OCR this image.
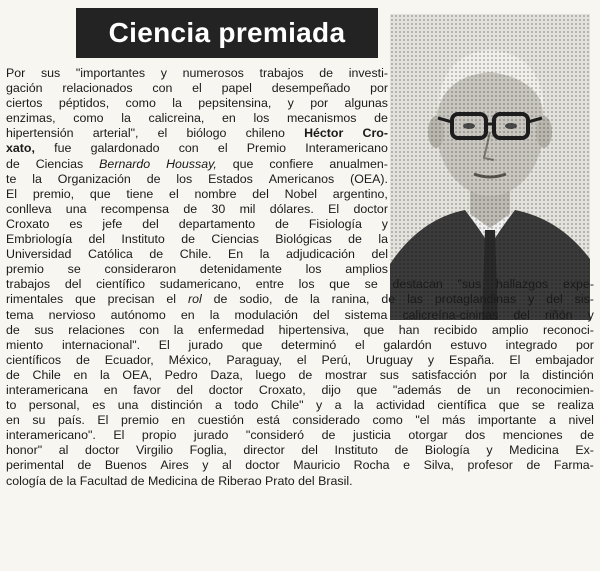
Ciencia premiada
Por sus "importantes y numerosos trabajos de investi-
gación relacionados con el papel desempeñado por
ciertos péptidos, como la pepsitensina, y por algunas
enzimas, como la calicreina, en los mecanismos de
hipertensión arterial", el biólogo chileno Héctor Cro-
xato, fue galardonado con el Premio Interamericano
de Ciencias Bernardo Houssay, que confiere anualmen-
te la Organización de los Estados Americanos (OEA).
El premio, que tiene el nombre del Nobel argentino,
conlleva una recompensa de 30 mil dólares. El doctor
Croxato es jefe del departamento de Fisiología y
Embriología del Instituto de Ciencias Biológicas de la
Universidad Católica de Chile. En la adjudicación del
premio se consideraron detenidamente los amplios
trabajos del científico sudamericano, entre los que se destacan "sus hallazgos expe-
rimentales que precisan el rol de sodio, de la ranina, de las protaglandinas y del sis-
tema nervioso autónomo en la modulación del sistema calicreína-cininas del riñón y
de sus relaciones con la enfermedad hipertensiva, que han recibido amplio reconoci-
miento internacional". El jurado que determinó el galardón estuvo integrado por
científicos de Ecuador, México, Paraguay, el Perú, Uruguay y España. El embajador
de Chile en la OEA, Pedro Daza, luego de mostrar sus satisfacción por la distinción
interamericana en favor del doctor Croxato, dijo que "además de un reconocimien-
to personal, es una distinción a todo Chile" y a la actividad científica que se realiza
en su país. El premio en cuestión está considerado como "el más importante a nivel
interamericano". El propio jurado "consideró de justicia otorgar dos menciones de
honor" al doctor Virgilio Foglia, director del Instituto de Biología y Medicina Ex-
perimental de Buenos Aires y al doctor Mauricio Rocha e Silva, profesor de Farma-
cología de la Facultad de Medicina de Riberao Prato del Brasil.
